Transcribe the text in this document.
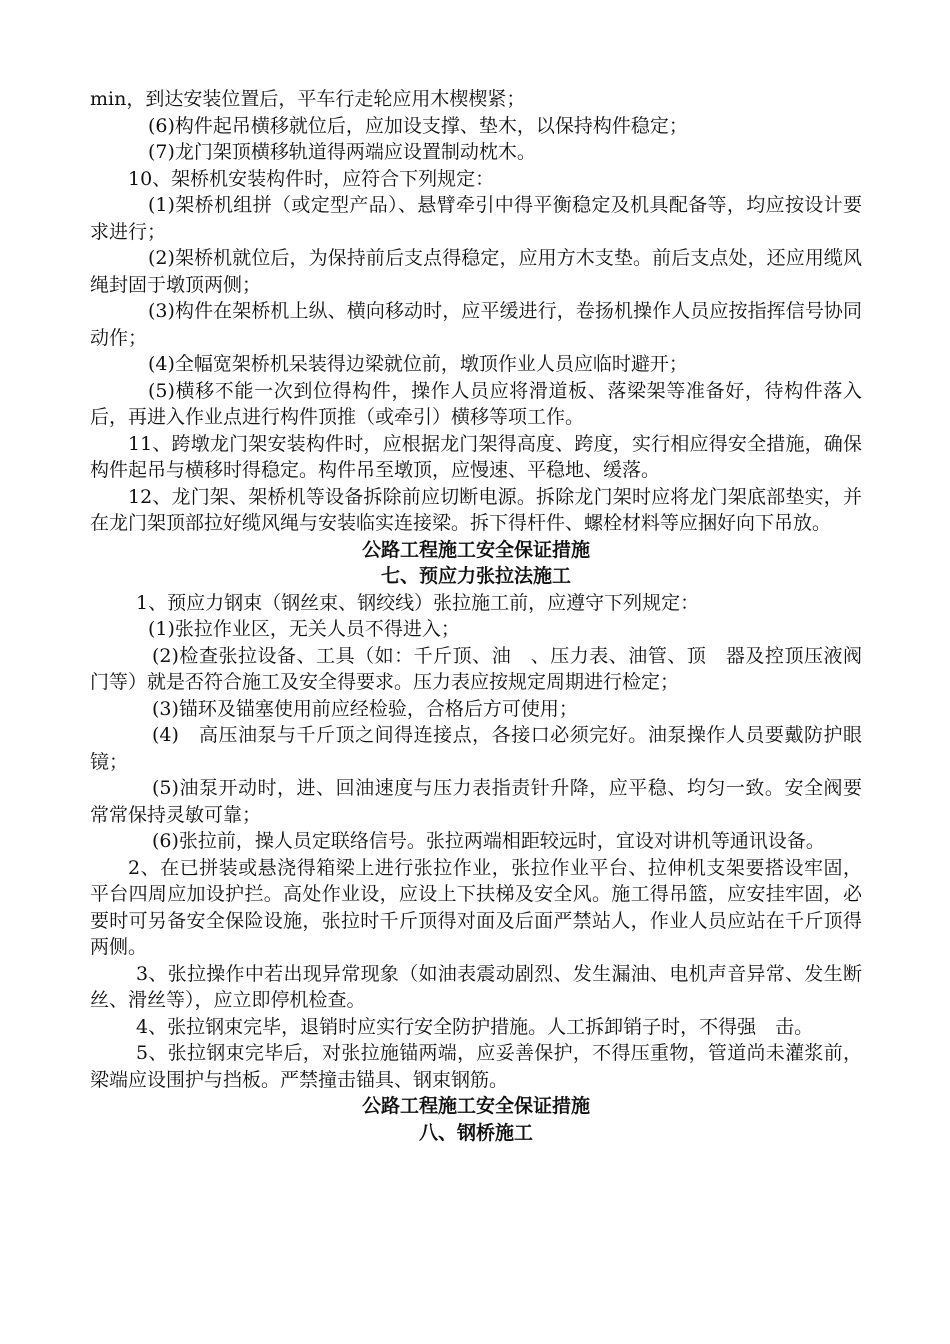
min，到达安装位置后，平车行走轮应用木楔楔紧；

(6)构件起吊横移就位后，应加设支撑、垫木，以保持构件稳定；

(7)龙门架顶横移轨道得两端应设置制动枕木。

10、架桥机安装构件时，应符合下列规定：

(1)架桥机组拼（或定型产品）、悬臂牵引中得平衡稳定及机具配备等，均应按设计要求进行；

(2)架桥机就位后，为保持前后支点得稳定，应用方木支垫。前后支点处，还应用缆风绳封固于墩顶两侧；

(3)构件在架桥机上纵、横向移动时，应平缓进行，卷扬机操作人员应按指挥信号协同动作；

(4)全幅宽架桥机呆装得边梁就位前，墩顶作业人员应临时避开；

(5)横移不能一次到位得构件，操作人员应将滑道板、落梁架等准备好，待构件落入后，再进入作业点进行构件顶推（或牵引）横移等项工作。

11、跨墩龙门架安装构件时，应根据龙门架得高度、跨度，实行相应得安全措施，确保构件起吊与横移时得稳定。构件吊至墩顶，应慢速、平稳地、缓落。

12、龙门架、架桥机等设备拆除前应切断电源。拆除龙门架时应将龙门架底部垫实，并在龙门架顶部拉好缆风绳与安装临实连接梁。拆下得杆件、螺栓材料等应捆好向下吊放。

公路工程施工安全保证措施

七、预应力张拉法施工

1、预应力钢束（钢丝束、钢绞线）张拉施工前，应遵守下列规定：

(1)张拉作业区，无关人员不得进入；

(2)检查张拉设备、工具（如：千斤顶、油　、压力表、油管、顶　器及控顶压液阀门等）就是否符合施工及安全得要求。压力表应按规定周期进行检定；

(3)锚环及锚塞使用前应经检验，合格后方可使用；

(4)　高压油泵与千斤顶之间得连接点，各接口必须完好。油泵操作人员要戴防护眼镜；

(5)油泵开动时，进、回油速度与压力表指责针升降，应平稳、均匀一致。安全阀要常常保持灵敏可靠；

(6)张拉前，操人员定联络信号。张拉两端相距较远时，宜设对讲机等通讯设备。

2、在已拼装或悬浇得箱梁上进行张拉作业，张拉作业平台、拉伸机支架要搭设牢固，平台四周应加设护拦。高处作业设，应设上下扶梯及安全风。施工得吊篮，应安挂牢固，必要时可另备安全保险设施，张拉时千斤顶得对面及后面严禁站人，作业人员应站在千斤顶得两侧。

3、张拉操作中若出现异常现象（如油表震动剧烈、发生漏油、电机声音异常、发生断丝、滑丝等），应立即停机检查。

4、张拉钢束完毕，退销时应实行安全防护措施。人工拆卸销子时，不得强　击。

5、张拉钢束完毕后，对张拉施锚两端，应妥善保护，不得压重物，管道尚未灌浆前，梁端应设围护与挡板。严禁撞击锚具、钢束钢筋。

公路工程施工安全保证措施

八、钢桥施工
